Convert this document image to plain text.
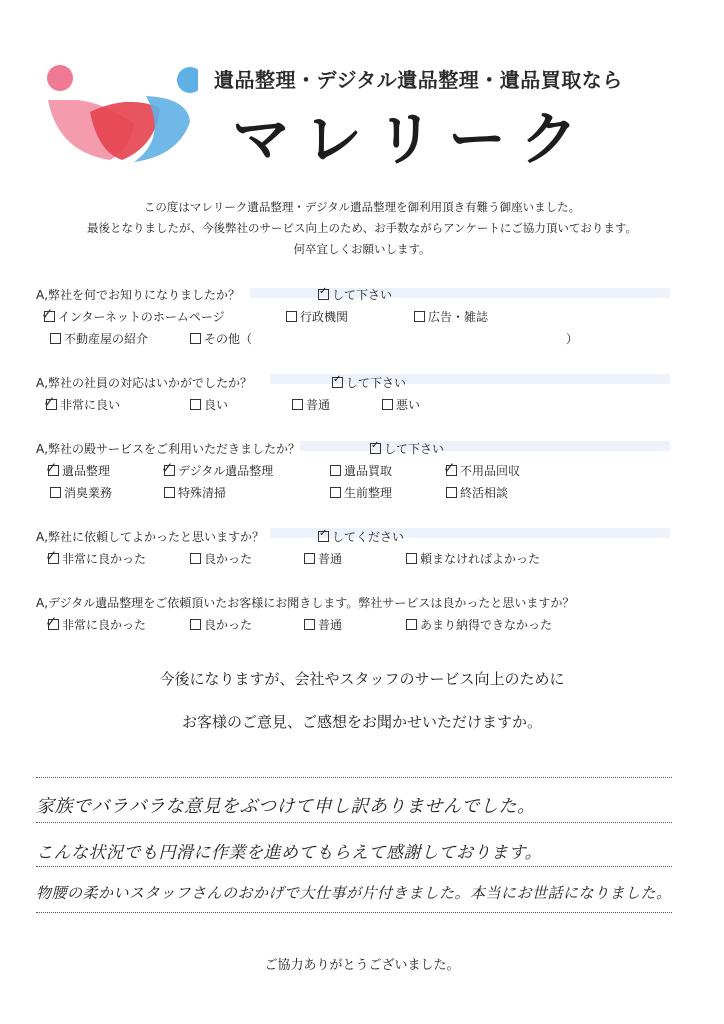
遺品整理・デジタル遺品整理・遺品買取なら
マレリーク
この度はマレリーク遺品整理・デジタル遺品整理を御利用頂き有難う御座いました。
最後となりましたが、今後弊社のサービス向上のため、お手数ながらアンケートにご協力頂いております。
何卒宜しくお願いします。
A,弊社を何でお知りになりましたか？ ✓	して下さい
✓インターネットのホームページ	行政機関	広告・雑誌
不動産屋の紹介	その他（	）
A,弊社の社員の対応はいかがでしたか？ ✓	して下さい
✓非常に良い	良い	普通	悪い
A,弊社の殿サービスをご利用いただきましたか？ ✓	して下さい
✓遺品整理 ✓	デジタル遺品整理	遺品買取 ✓	不用品回収
消臭業務	特殊清掃	生前整理	終活相談
A,弊社に依頼してよかったと思いますか？ ✓	してください
✓非常に良かった	良かった	普通	頼まなければよかった
A,デジタル遺品整理をご依頼頂いたお客様にお聞きします。弊社サービスは良かったと思いますか？
✓非常に良かった	良かった	普通	あまり納得できなかった
今後になりますが、会社やスタッフのサービス向上のために
お客様のご意見、ご感想をお聞かせいただけますか。
家族でバラバラな意見をぶつけて申し訳ありませんでした。
こんな状況でも円滑に作業を進めてもらえて感謝しております。
物腰の柔かいスタッフさんのおかげで大仕事が片付きました。本当にお世話になりました。
ご協力ありがとうございました。
